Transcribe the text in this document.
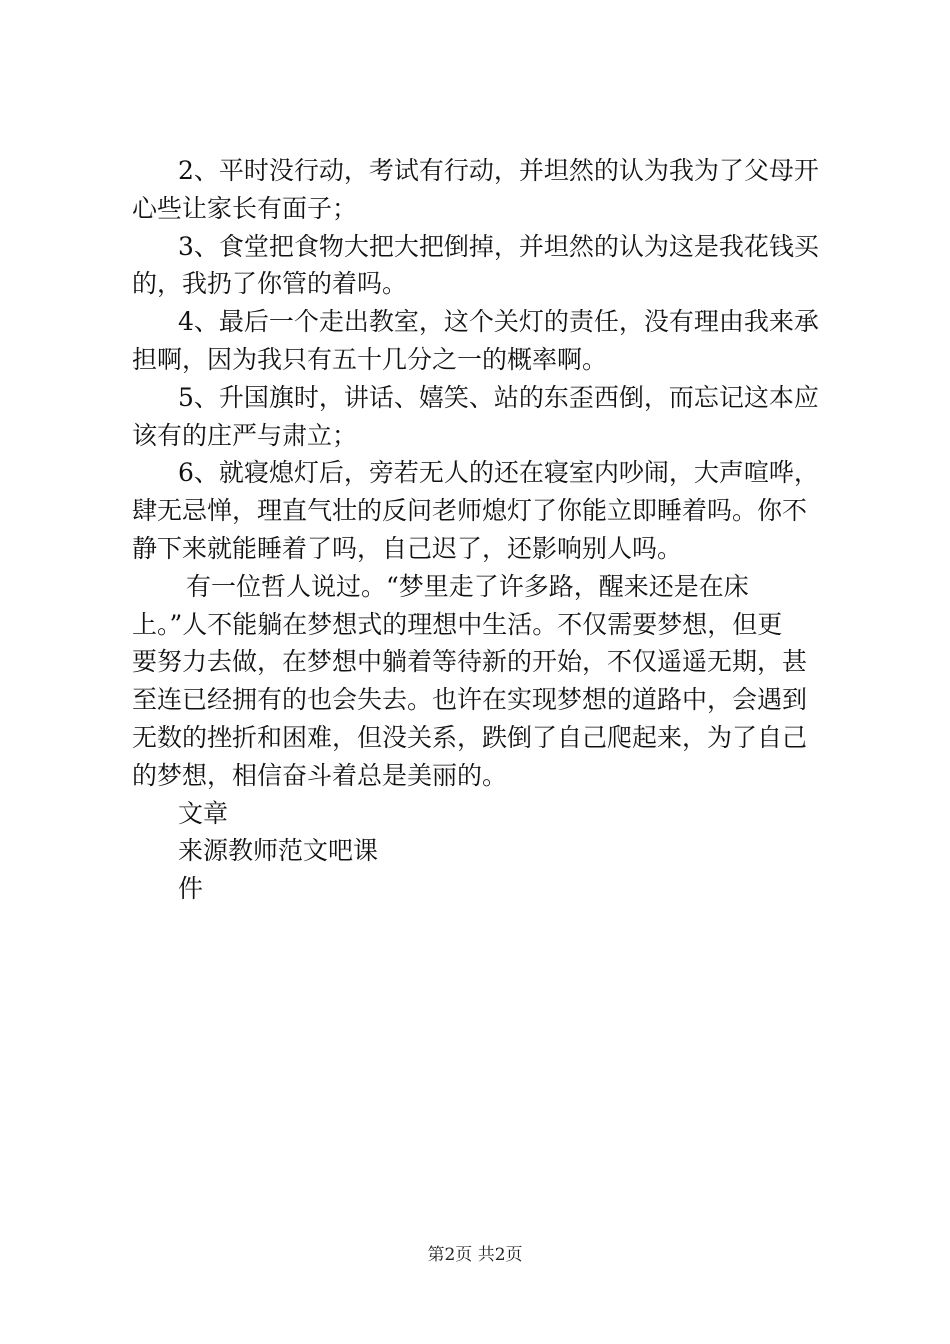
2、平时没行动，考试有行动，并坦然的认为我为了父母开
心些让家长有面子；
3、食堂把食物大把大把倒掉，并坦然的认为这是我花钱买
的，我扔了你管的着吗。
4、最后一个走出教室，这个关灯的责任，没有理由我来承
担啊，因为我只有五十几分之一的概率啊。
5、升国旗时，讲话、嬉笑、站的东歪西倒，而忘记这本应
该有的庄严与肃立；
6、就寝熄灯后，旁若无人的还在寝室内吵闹，大声喧哗，
肆无忌惮，理直气壮的反问老师熄灯了你能立即睡着吗。你不
静下来就能睡着了吗，自己迟了，还影响别人吗。
有一位哲人说过。“梦里走了许多路，醒来还是在床
上。”人不能躺在梦想式的理想中生活。不仅需要梦想，但更
要努力去做，在梦想中躺着等待新的开始，不仅遥遥无期，甚
至连已经拥有的也会失去。也许在实现梦想的道路中，会遇到
无数的挫折和困难，但没关系，跌倒了自己爬起来，为了自己
的梦想，相信奋斗着总是美丽的。
文章
来源教师范文吧课
件
第2页 共2页
